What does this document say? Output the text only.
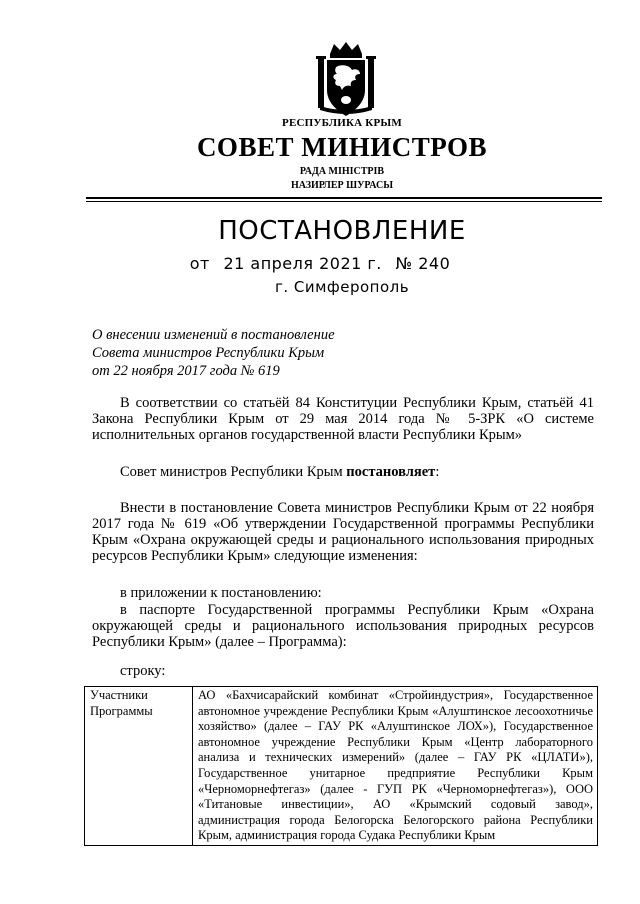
РЕСПУБЛИКА КРЫМ
СОВЕТ МИНИСТРОВ
РАДА МІНІСТРІВ
НАЗИРЛЕР ШУРАСЫ
ПОСТАНОВЛЕНИЕ
от 21 апреля 2021 г. № 240
г. Симферополь
О внесении изменений в постановление
Совета министров Республики Крым
от 22 ноября 2017 года № 619
В соответствии со статьёй 84 Конституции Республики Крым, статьёй 41 Закона Республики Крым от 29 мая 2014 года № 5-ЗРК «О системе исполнительных органов государственной власти Республики Крым»
Совет министров Республики Крым постановляет:
Внести в постановление Совета министров Республики Крым от 22 ноября 2017 года № 619 «Об утверждении Государственной программы Республики Крым «Охрана окружающей среды и рационального использования природных ресурсов Республики Крым» следующие изменения:
в приложении к постановлению:
в паспорте Государственной программы Республики Крым «Охрана окружающей среды и рационального использования природных ресурсов Республики Крым» (далее – Программа):
строку:
Участники Программы	АО «Бахчисарайский комбинат «Стройиндустрия», Государственное автономное учреждение Республики Крым «Алуштинское лесоохотничье хозяйство» (далее – ГАУ РК «Алуштинское ЛОХ»), Государственное автономное учреждение Республики Крым «Центр лабораторного анализа и технических измерений» (далее – ГАУ РК «ЦЛАТИ»), Государственное унитарное предприятие Республики Крым «Черноморнефтегаз» (далее - ГУП РК «Черноморнефтегаз»), ООО «Титановые инвестиции», АО «Крымский содовый завод», администрация города Белогорска Белогорского района Республики Крым, администрация города Судака Республики Крым
